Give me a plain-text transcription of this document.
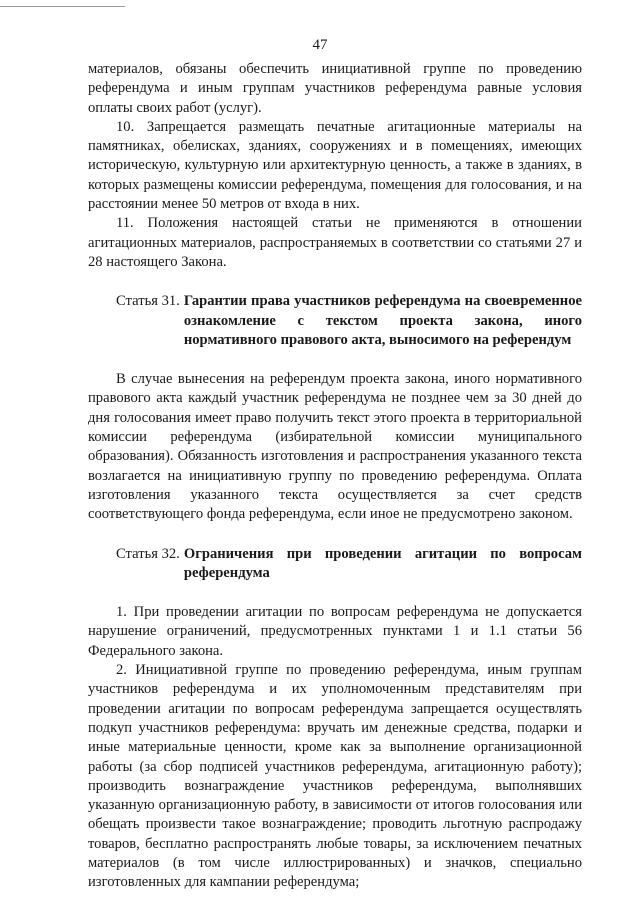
47

материалов, обязаны обеспечить инициативной группе по проведению референдума и иным группам участников референдума равные условия оплаты своих работ (услуг).

10. Запрещается размещать печатные агитационные материалы на памятниках, обелисках, зданиях, сооружениях и в помещениях, имеющих историческую, культурную или архитектурную ценность, а также в зданиях, в которых размещены комиссии референдума, помещения для голосования, и на расстоянии менее 50 метров от входа в них.

11. Положения настоящей статьи не применяются в отношении агитационных материалов, распространяемых в соответствии со статьями 27 и 28 настоящего Закона.

Статья 31. Гарантии права участников референдума на своевременное ознакомление с текстом проекта закона, иного нормативного правового акта, выносимого на референдум

В случае вынесения на референдум проекта закона, иного нормативного правового акта каждый участник референдума не позднее чем за 30 дней до дня голосования имеет право получить текст этого проекта в территориальной комиссии референдума (избирательной комиссии муниципального образования). Обязанность изготовления и распространения указанного текста возлагается на инициативную группу по проведению референдума. Оплата изготовления указанного текста осуществляется за счет средств соответствующего фонда референдума, если иное не предусмотрено законом.

Статья 32. Ограничения при проведении агитации по вопросам референдума

1. При проведении агитации по вопросам референдума не допускается нарушение ограничений, предусмотренных пунктами 1 и 1.1 статьи 56 Федерального закона.

2. Инициативной группе по проведению референдума, иным группам участников референдума и их уполномоченным представителям при проведении агитации по вопросам референдума запрещается осуществлять подкуп участников референдума: вручать им денежные средства, подарки и иные материальные ценности, кроме как за выполнение организационной работы (за сбор подписей участников референдума, агитационную работу); производить вознаграждение участников референдума, выполнявших указанную организационную работу, в зависимости от итогов голосования или обещать произвести такое вознаграждение; проводить льготную распродажу товаров, бесплатно распространять любые товары, за исключением печатных материалов (в том числе иллюстрированных) и значков, специально изготовленных для кампании референдума;
